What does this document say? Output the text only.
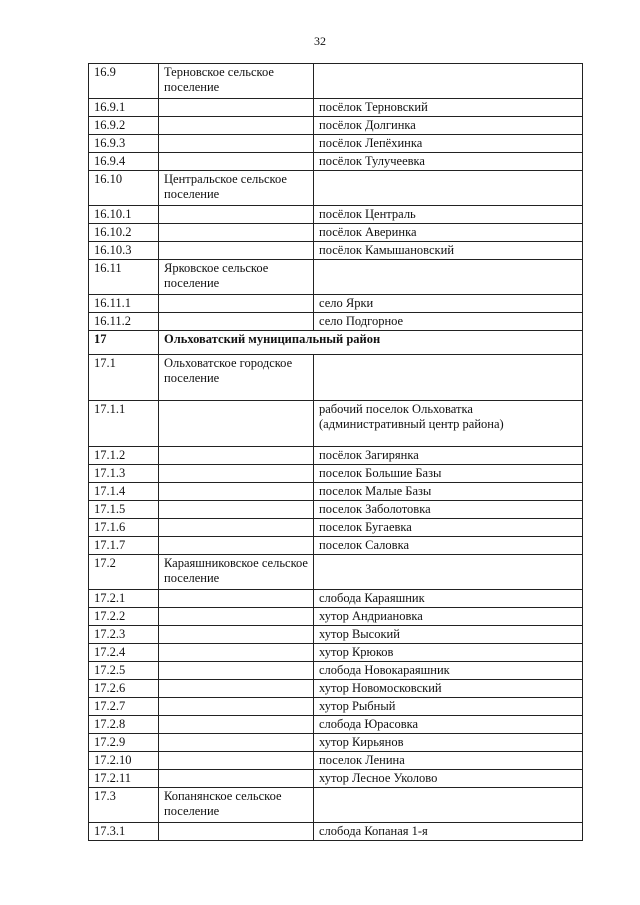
32
16.9	Терновское сельское поселение	
16.9.1		посёлок Терновский
16.9.2		посёлок Долгинка
16.9.3		посёлок Лепёхинка
16.9.4		посёлок Тулучеевка
16.10	Центральское сельское поселение	
16.10.1		посёлок Централь
16.10.2		посёлок Аверинка
16.10.3		посёлок Камышановский
16.11	Ярковское сельское поселение	
16.11.1		село Ярки
16.11.2		село Подгорное
17	Ольховатский муниципальный район	
17.1	Ольховатское городское поселение	
17.1.1		рабочий поселок Ольховатка (административный центр района)
17.1.2		посёлок Загирянка
17.1.3		поселок Большие Базы
17.1.4		поселок Малые Базы
17.1.5		поселок Заболотовка
17.1.6		поселок Бугаевка
17.1.7		поселок Саловка
17.2	Караяшниковское сельское поселение	
17.2.1		слобода Караяшник
17.2.2		хутор Андриановка
17.2.3		хутор Высокий
17.2.4		хутор Крюков
17.2.5		слобода Новокараяшник
17.2.6		хутор Новомосковский
17.2.7		хутор Рыбный
17.2.8		слобода Юрасовка
17.2.9		хутор Кирьянов
17.2.10		поселок Ленина
17.2.11		хутор Лесное Уколово
17.3	Копанянское сельское поселение	
17.3.1		слобода Копаная 1-я
